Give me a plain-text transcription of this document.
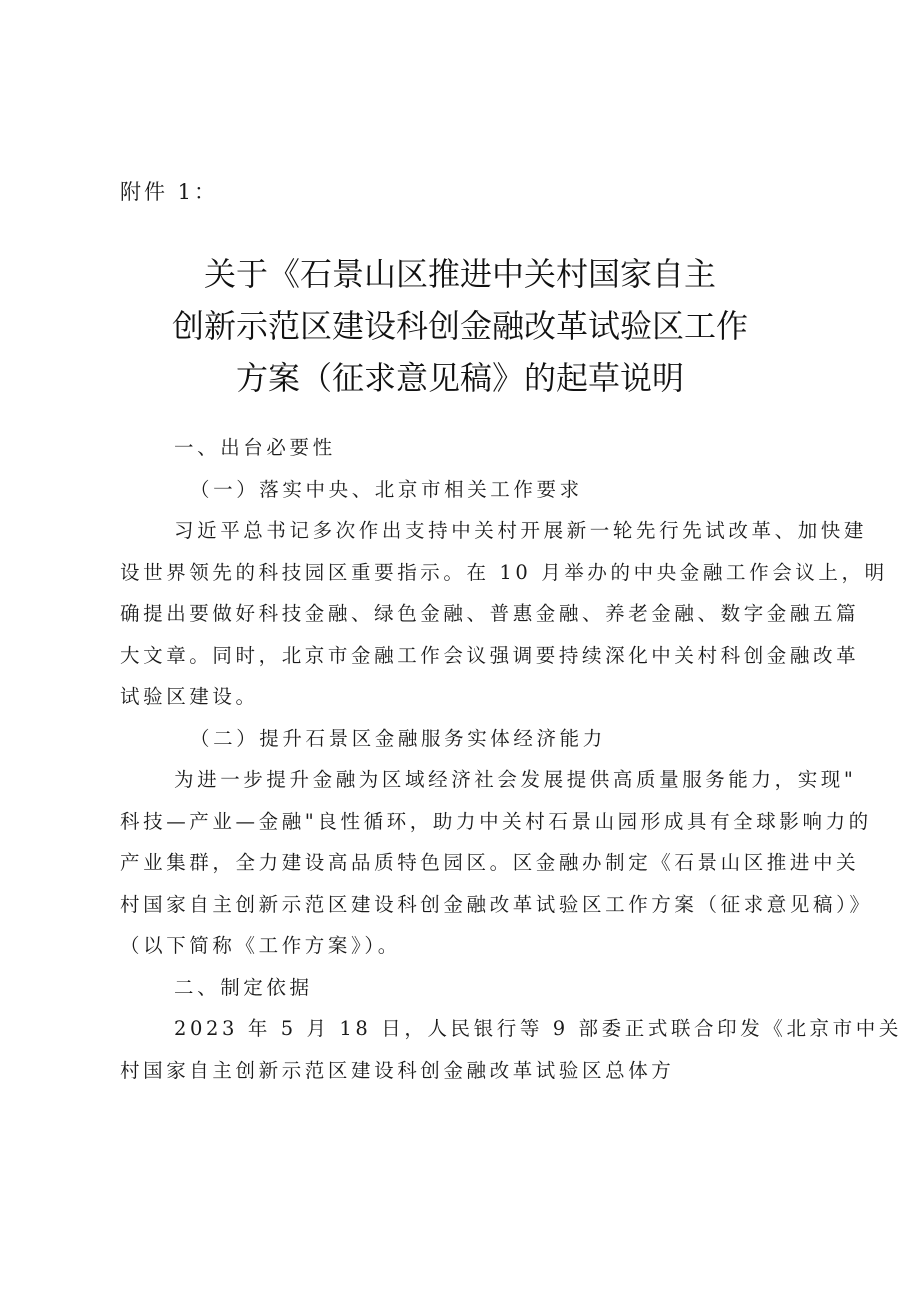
附件 1：
关于《石景山区推进中关村国家自主
创新示范区建设科创金融改革试验区工作
方案（征求意见稿》的起草说明
一、出台必要性
（一）落实中央、北京市相关工作要求
习近平总书记多次作出支持中关村开展新一轮先行先试改革、加快建
设世界领先的科技园区重要指示。在 10 月举办的中央金融工作会议上，明
确提出要做好科技金融、绿色金融、普惠金融、养老金融、数字金融五篇
大文章。同时，北京市金融工作会议强调要持续深化中关村科创金融改革
试验区建设。
（二）提升石景区金融服务实体经济能力
为进一步提升金融为区域经济社会发展提供高质量服务能力，实现"
科技—产业—金融"良性循环，助力中关村石景山园形成具有全球影响力的
产业集群，全力建设高品质特色园区。区金融办制定《石景山区推进中关
村国家自主创新示范区建设科创金融改革试验区工作方案（征求意见稿）》
（以下简称《工作方案》）。
二、制定依据
2023 年 5 月 18 日，人民银行等 9 部委正式联合印发《北京市中关
村国家自主创新示范区建设科创金融改革试验区总体方
